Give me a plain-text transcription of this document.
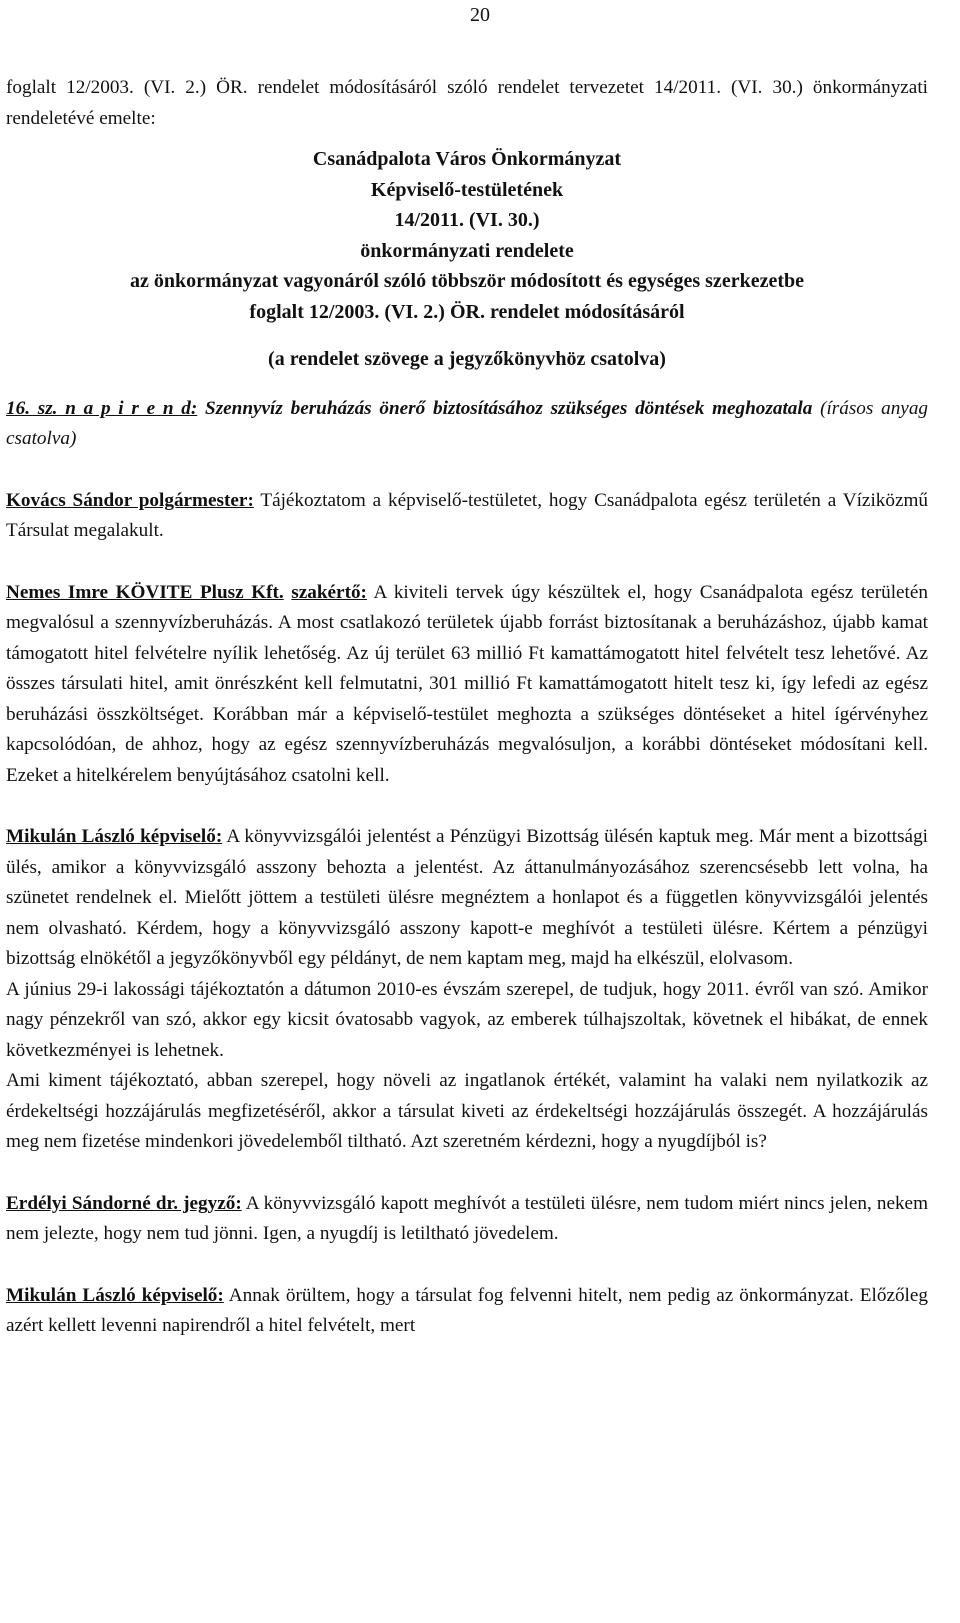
20

foglalt 12/2003. (VI. 2.) ÖR. rendelet módosításáról szóló rendelet tervezetet 14/2011. (VI. 30.) önkormányzati rendeletévé emelte:

Csanádpalota Város Önkormányzat
Képviselő-testületének
14/2011. (VI. 30.)
önkormányzati rendelete
az önkormányzat vagyonáról szóló többször módosított és egységes szerkezetbe
foglalt 12/2003. (VI. 2.) ÖR. rendelet módosításáról
(a rendelet szövege a jegyzőkönyvhöz csatolva)

16. sz. n a p i r e n d: Szennyvíz beruházás önerő biztosításához szükséges döntések meghozatala (írásos anyag csatolva)

Kovács Sándor polgármester: Tájékoztatom a képviselő-testületet, hogy Csanádpalota egész területén a Víziközmű Társulat megalakult.

Nemes Imre KÖVITE Plusz Kft. szakértő: A kiviteli tervek úgy készültek el, hogy Csanádpalota egész területén megvalósul a szennyvízberuházás. A most csatlakozó területek újabb forrást biztosítanak a beruházáshoz, újabb kamat támogatott hitel felvételre nyílik lehetőség. Az új terület 63 millió Ft kamattámogatott hitel felvételt tesz lehetővé. Az összes társulati hitel, amit önrészként kell felmutatni, 301 millió Ft kamattámogatott hitelt tesz ki, így lefedi az egész beruházási összköltséget. Korábban már a képviselő-testület meghozta a szükséges döntéseket a hitel ígérvényhez kapcsolódóan, de ahhoz, hogy az egész szennyvízberuházás megvalósuljon, a korábbi döntéseket módosítani kell. Ezeket a hitelkérelem benyújtásához csatolni kell.

Mikulán László képviselő: A könyvvizsgálói jelentést a Pénzügyi Bizottság ülésén kaptuk meg. Már ment a bizottsági ülés, amikor a könyvvizsgáló asszony behozta a jelentést. Az áttanulmányozásához szerencsésebb lett volna, ha szünetet rendelnek el. Mielőtt jöttem a testületi ülésre megnéztem a honlapot és a független könyvvizsgálói jelentés nem olvasható. Kérdem, hogy a könyvvizsgáló asszony kapott-e meghívót a testületi ülésre. Kértem a pénzügyi bizottság elnökétől a jegyzőkönyvből egy példányt, de nem kaptam meg, majd ha elkészül, elolvasom.

A június 29-i lakossági tájékoztatón a dátumon 2010-es évszám szerepel, de tudjuk, hogy 2011. évről van szó. Amikor nagy pénzekről van szó, akkor egy kicsit óvatosabb vagyok, az emberek túlhajszoltak, követnek el hibákat, de ennek következményei is lehetnek.

Ami kiment tájékoztató, abban szerepel, hogy növeli az ingatlanok értékét, valamint ha valaki nem nyilatkozik az érdekeltségi hozzájárulás megfizetéséről, akkor a társulat kiveti az érdekeltségi hozzájárulás összegét. A hozzájárulás meg nem fizetése mindenkori jövedelemből tiltható. Azt szeretném kérdezni, hogy a nyugdíjból is?

Erdélyi Sándorné dr. jegyző: A könyvvizsgáló kapott meghívót a testületi ülésre, nem tudom miért nincs jelen, nekem nem jelezte, hogy nem tud jönni. Igen, a nyugdíj is letiltható jövedelem.

Mikulán László képviselő: Annak örültem, hogy a társulat fog felvenni hitelt, nem pedig az önkormányzat. Előzőleg azért kellett levenni napirendről a hitel felvételt, mert
